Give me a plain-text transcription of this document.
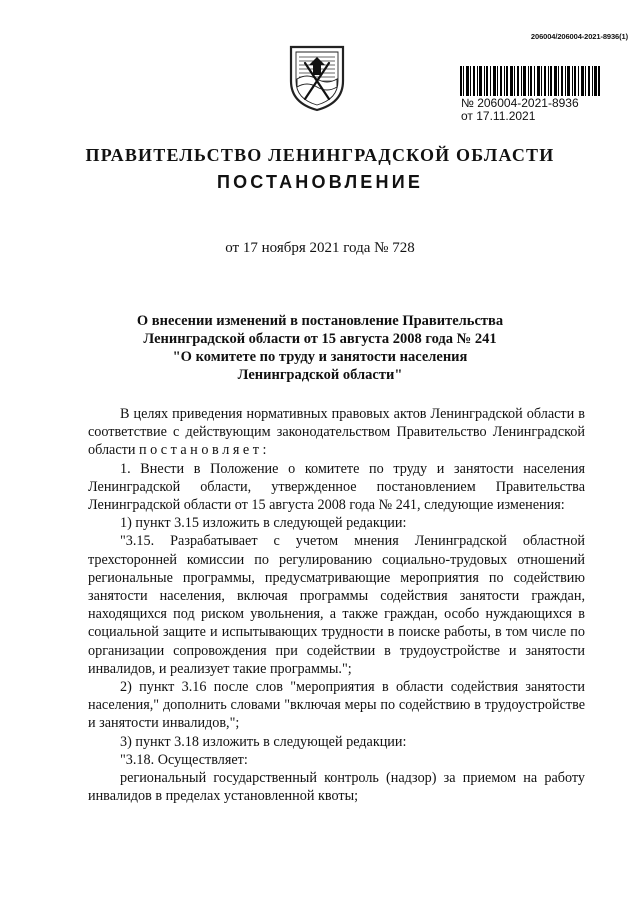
206004/206004-2021-8936(1)
№ 206004-2021-8936
от 17.11.2021
ПРАВИТЕЛЬСТВО ЛЕНИНГРАДСКОЙ ОБЛАСТИ
ПОСТАНОВЛЕНИЕ
от 17 ноября 2021 года № 728
О внесении изменений в постановление Правительства
Ленинградской области от 15 августа 2008 года № 241
"О комитете по труду и занятости населения
Ленинградской области"

В целях приведения нормативных правовых актов Ленинградской области в соответствие с действующим законодательством Правительство Ленинградской области п о с т а н о в л я е т :

1. Внести в Положение о комитете по труду и занятости населения Ленинградской области, утвержденное постановлением Правительства Ленинградской области от 15 августа 2008 года № 241, следующие изменения:

1) пункт 3.15 изложить в следующей редакции:

"3.15. Разрабатывает с учетом мнения Ленинградской областной трехсторонней комиссии по регулированию социально-трудовых отношений региональные программы, предусматривающие мероприятия по содействию занятости населения, включая программы содействия занятости граждан, находящихся под риском увольнения, а также граждан, особо нуждающихся в социальной защите и испытывающих трудности в поиске работы, в том числе по организации сопровождения при содействии в трудоустройстве и занятости инвалидов, и реализует такие программы.";

2) пункт 3.16 после слов "мероприятия в области содействия занятости населения," дополнить словами "включая меры по содействию в трудоустройстве и занятости инвалидов,";

3) пункт 3.18 изложить в следующей редакции:

"3.18. Осуществляет:

региональный государственный контроль (надзор) за приемом на работу инвалидов в пределах установленной квоты;
